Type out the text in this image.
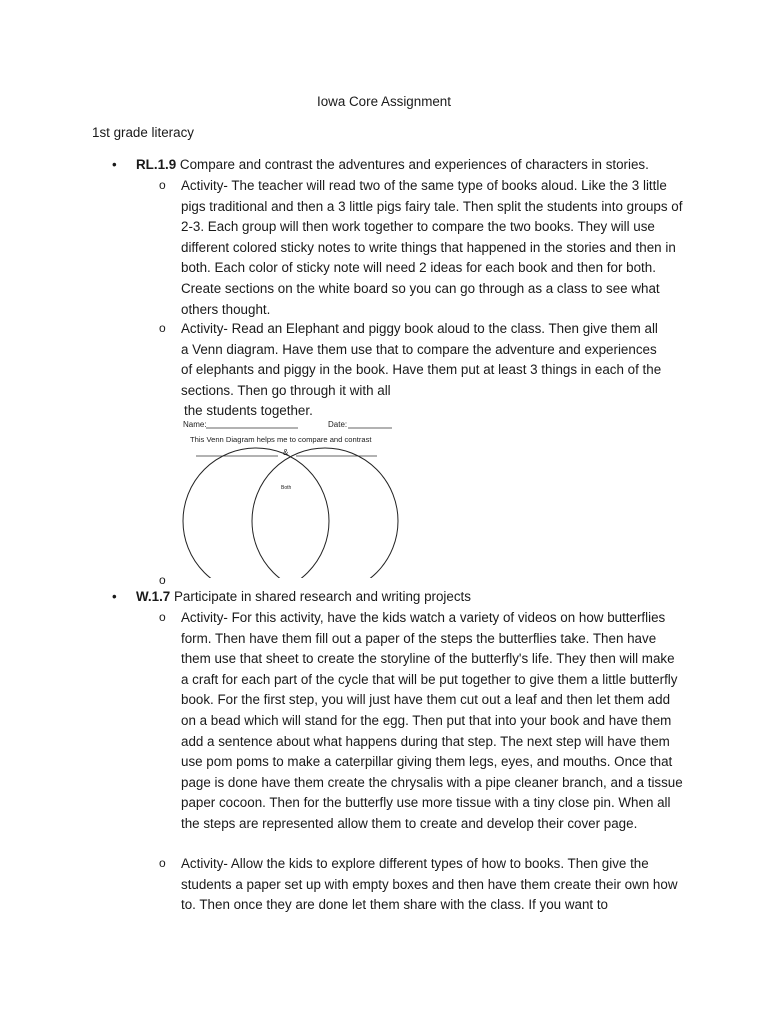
Iowa Core Assignment
1st grade literacy
• RL.1.9 Compare and contrast the adventures and experiences of characters in stories.
o Activity- The teacher will read two of the same type of books aloud. Like the 3 little pigs traditional and then a 3 little pigs fairy tale. Then split the students into groups of 2-3. Each group will then work together to compare the two books. They will use different colored sticky notes to write things that happened in the stories and then in both. Each color of sticky note will need 2 ideas for each book and then for both. Create sections on the white board so you can go through as a class to see what others thought.
o Activity- Read an Elephant and piggy book aloud to the class. Then give them all a Venn diagram. Have them use that to compare the adventure and experiences of elephants and piggy in the book. Have them put at least 3 things in each of the sections. Then go through it with all
the students together.
Name:	Date:
This Venn Diagram helps me to compare and contrast
&
Both
o
• W.1.7 Participate in shared research and writing projects
o Activity- For this activity, have the kids watch a variety of videos on how butterflies form. Then have them fill out a paper of the steps the butterflies take. Then have them use that sheet to create the storyline of the butterfly's life. They then will make a craft for each part of the cycle that will be put together to give them a little butterfly book. For the first step, you will just have them cut out a leaf and then let them add on a bead which will stand for the egg. Then put that into your book and have them add a sentence about what happens during that step. The next step will have them use pom poms to make a caterpillar giving them legs, eyes, and mouths. Once that page is done have them create the chrysalis with a pipe cleaner branch, and a tissue paper cocoon. Then for the butterfly use more tissue with a tiny close pin. When all the steps are represented allow them to create and develop their cover page.
o Activity- Allow the kids to explore different types of how to books. Then give the students a paper set up with empty boxes and then have them create their own how to. Then once they are done let them share with the class. If you want to
